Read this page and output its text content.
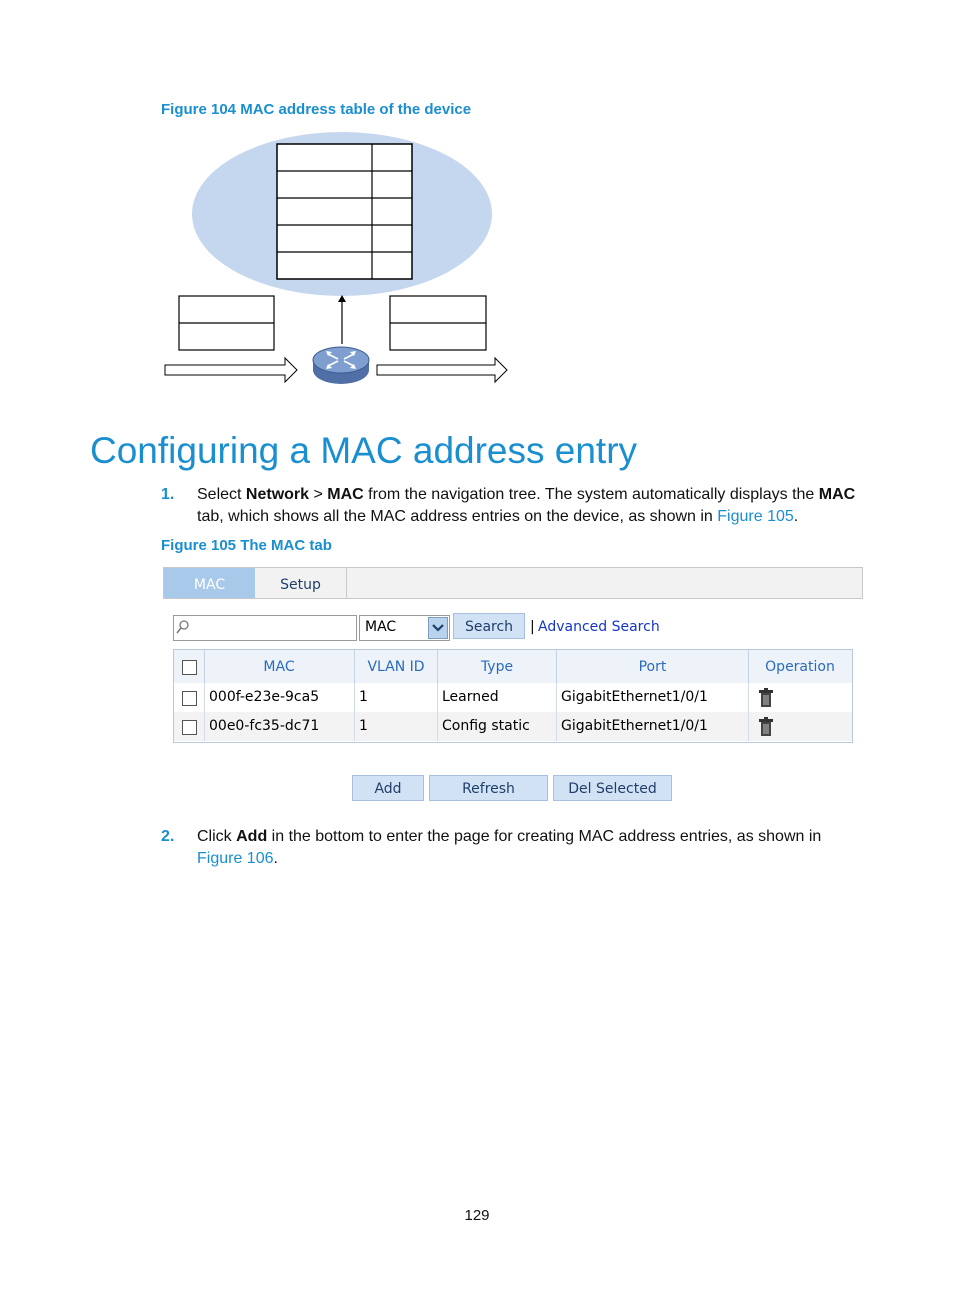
Figure 104 MAC address table of the device
Configuring a MAC address entry
1. Select Network > MAC from the navigation tree. The system automatically displays the MAC tab, which shows all the MAC address entries on the device, as shown in Figure 105.
Figure 105 The MAC tab
MAC	Setup
MAC	Search	| Advanced Search
MAC	VLAN ID	Type	Port	Operation
000f-e23e-9ca5	1	Learned	GigabitEthernet1/0/1
00e0-fc35-dc71	1	Config static	GigabitEthernet1/0/1
Add	Refresh	Del Selected
2. Click Add in the bottom to enter the page for creating MAC address entries, as shown in Figure 106.
129
